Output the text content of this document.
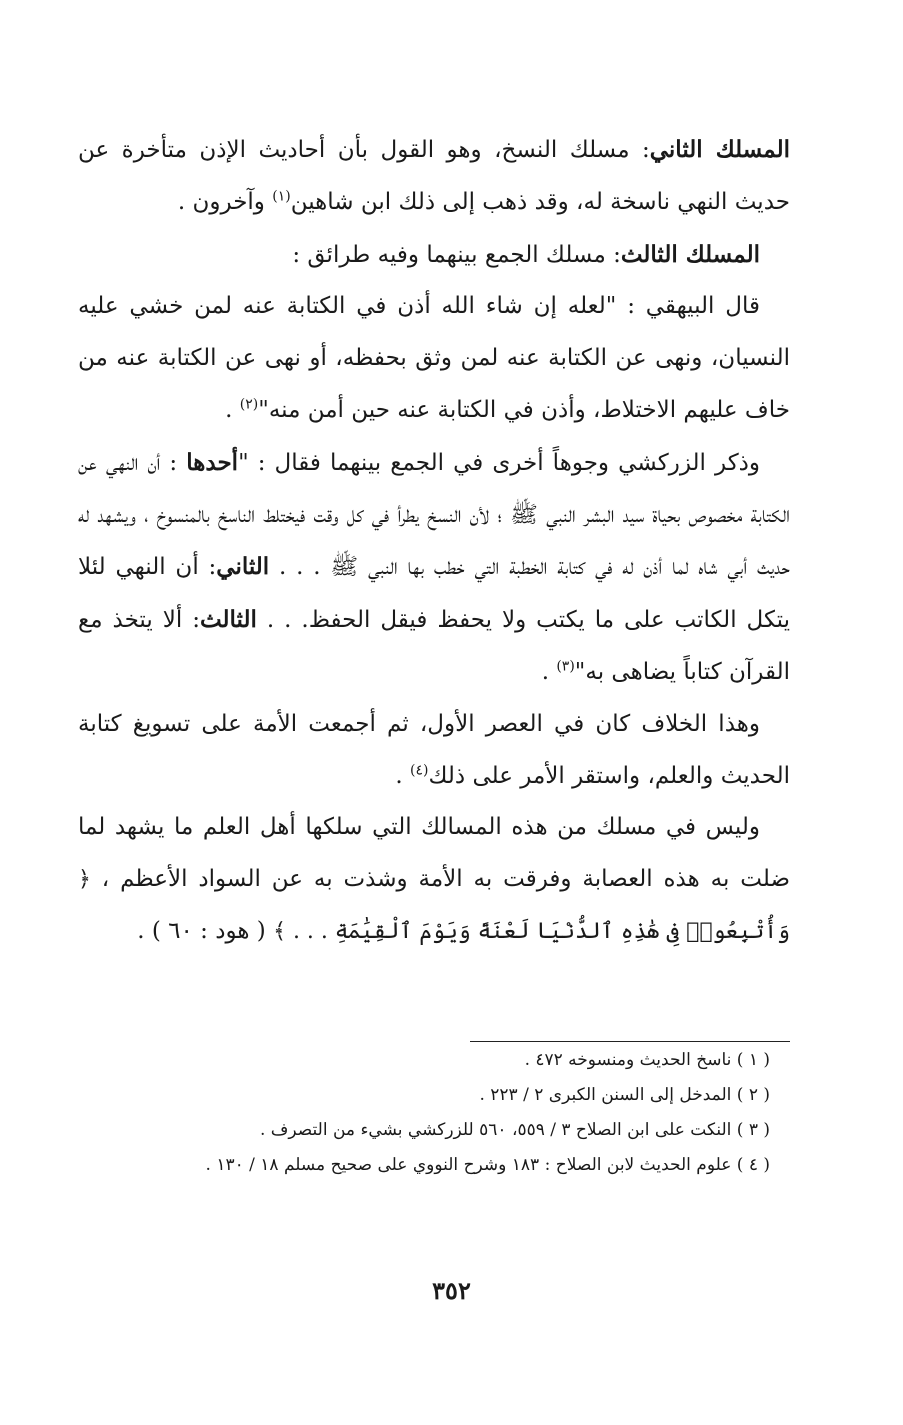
المسلك الثاني: مسلك النسخ، وهو القول بأن أحاديث الإذن متأخرة عن حديث النهي ناسخة له، وقد ذهب إلى ذلك ابن شاهين$^{(١)}$ وآخرون .

المسلك الثالث: مسلك الجمع بينهما وفيه طرائق :

قال البيهقي : "لعله إن شاء الله أذن في الكتابة عنه لمن خشي عليه النسيان، ونهى عن الكتابة عنه لمن وثق بحفظه، أو نهى عن الكتابة عنه من خاف عليهم الاختلاط، وأذن في الكتابة عنه حين أمن منه"$^{(٢)}$ .

وذكر الزركشي وجوهاً أخرى في الجمع بينهما فقال : "أحدها : أن النهي عن الكتابة مخصوص بحياة سيد البشر النبي ﷺ ؛ لأن النسخ يطرأ في كل وقت فيختلط الناسخ بالمنسوخ ، ويشهد له حديث أبي شاه لما أذن له في كتابة الخطبة التي خطب بها النبي ﷺ . . . الثاني: أن النهي لئلا يتكل الكاتب على ما يكتب ولا يحفظ فيقل الحفظ. . . الثالث: ألا يتخذ مع القرآن كتاباً يضاهى به"$^{(٣)}$ .

وهذا الخلاف كان في العصر الأول، ثم أجمعت الأمة على تسويغ كتابة الحديث والعلم، واستقر الأمر على ذلك$^{(٤)}$ .

وليس في مسلك من هذه المسالك التي سلكها أهل العلم ما يشهد لما ضلت به هذه العصابة وفرقت به الأمة وشذت به عن السواد الأعظم ، ﴿ وَأُتْبِعُوا۟ فِى هَٰذِهِ ٱلدُّنْيَا لَعْنَةً وَيَوْمَ ٱلْقِيَٰمَةِ . . . ﴾ ( هود : ٦٠ ) .

( ١ ) ناسخ الحديث ومنسوخه ٤٧٢ .

( ٢ ) المدخل إلى السنن الكبرى ٢ / ٢٢٣ .

( ٣ ) النكت على ابن الصلاح ٣ / ٥٥٩، ٥٦٠ للزركشي بشيء من التصرف .

( ٤ ) علوم الحديث لابن الصلاح : ١٨٣ وشرح النووي على صحيح مسلم ١٨ / ١٣٠ .

٣٥٢
